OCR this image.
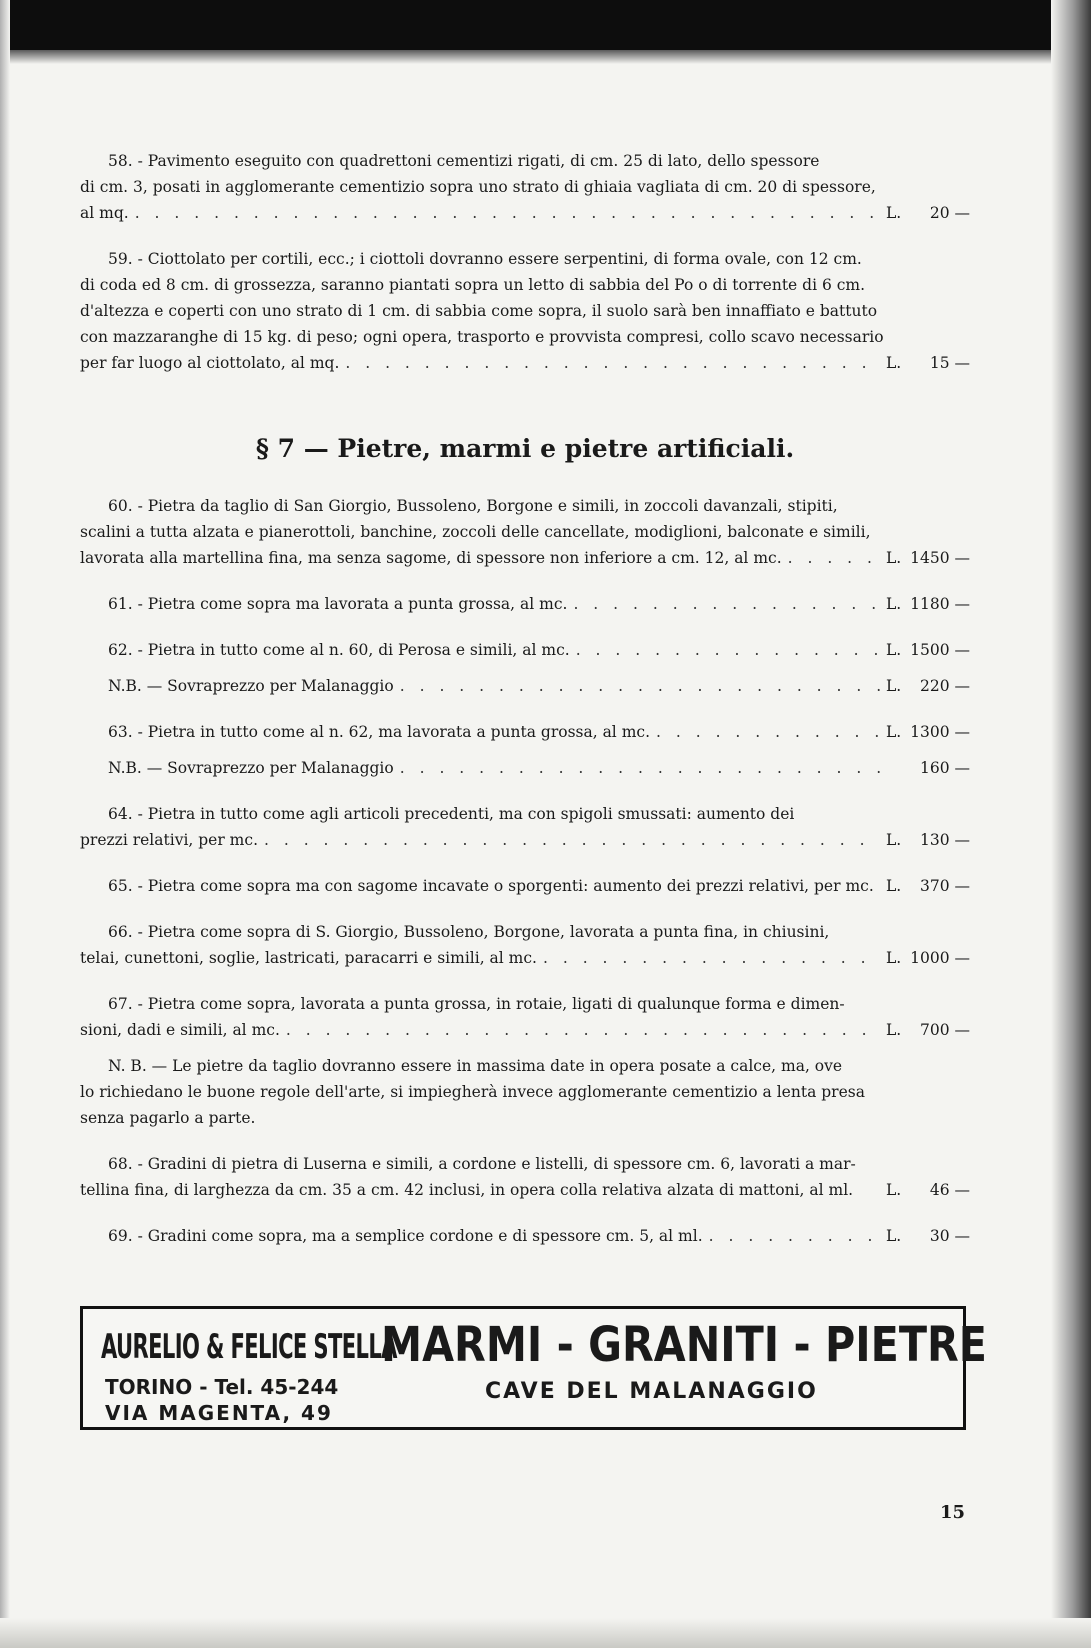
58. - Pavimento eseguito con quadrettoni cementizi rigati, di cm. 25 di lato, dello spessore

di cm. 3, posati in agglomerante cementizio sopra uno strato di ghiaia vagliata di cm. 20 di spessore,

al mq. . . .	L.	20 —

59. - Ciottolato per cortili, ecc.; i ciottoli dovranno essere serpentini, di forma ovale, con 12 cm.

di coda ed 8 cm. di grossezza, saranno piantati sopra un letto di sabbia del Po o di torrente di 6 cm.

d'altezza e coperti con uno strato di 1 cm. di sabbia come sopra, il suolo sarà ben innaffiato e battuto

con mazzaranghe di 15 kg. di peso; ogni opera, trasporto e provvista compresi, collo scavo necessario

per far luogo al ciottolato, al mq. . . .	L.	15 —
§ 7 — Pietre, marmi e pietre artificiali.

60. - Pietra da taglio di San Giorgio, Bussoleno, Borgone e simili, in zoccoli davanzali, stipiti,

scalini a tutta alzata e pianerottoli, banchine, zoccoli delle cancellate, modiglioni, balconate e simili,

lavorata alla martellina fina, ma senza sagome, di spessore non inferiore a cm. 12, al mc. . . .	L. 1450 —
61. - Pietra come sopra ma lavorata a punta grossa, al mc. . . .	L. 1180 —
62. - Pietra in tutto come al n. 60, di Perosa e simili, al mc. . . .	L. 1500 —
N.B. — Sovraprezzo per Malanaggio . . .	L.	220 —
63. - Pietra in tutto come al n. 62, ma lavorata a punta grossa, al mc. . . .	L. 1300 —
N.B. — Sovraprezzo per Malanaggio . . .	160 —

64. - Pietra in tutto come agli articoli precedenti, ma con spigoli smussati: aumento dei

prezzi relativi, per mc. . . .	L.	130 —
65. - Pietra come sopra ma con sagome incavate o sporgenti: aumento dei prezzi relativi, per mc. L.	370 —

66. - Pietra come sopra di S. Giorgio, Bussoleno, Borgone, lavorata a punta fina, in chiusini,

telai, cunettoni, soglie, lastricati, paracarri e simili, al mc. . . .	L. 1000 —

67. - Pietra come sopra, lavorata a punta grossa, in rotaie, ligati di qualunque forma e dimen-

sioni, dadi e simili, al mc. . . .	L.	700 —

N. B. — Le pietre da taglio dovranno essere in massima date in opera posate a calce, ma, ove

lo richiedano le buone regole dell'arte, si impiegherà invece agglomerante cementizio a lenta presa

senza pagarlo a parte.

68. - Gradini di pietra di Luserna e simili, a cordone e listelli, di spessore cm. 6, lavorati a mar-

tellina fina, di larghezza da cm. 35 a cm. 42 inclusi, in opera colla relativa alzata di mattoni, al ml. L.	46 —
69. - Gradini come sopra, ma a semplice cordone e di spessore cm. 5, al ml. . . .	L.	30 —
AURELIO & FELICE STELLA
TORINO - Tel. 45-244
VIA MAGENTA, 49
MARMI - GRANITI - PIETRE
CAVE DEL MALANAGGIO
15
